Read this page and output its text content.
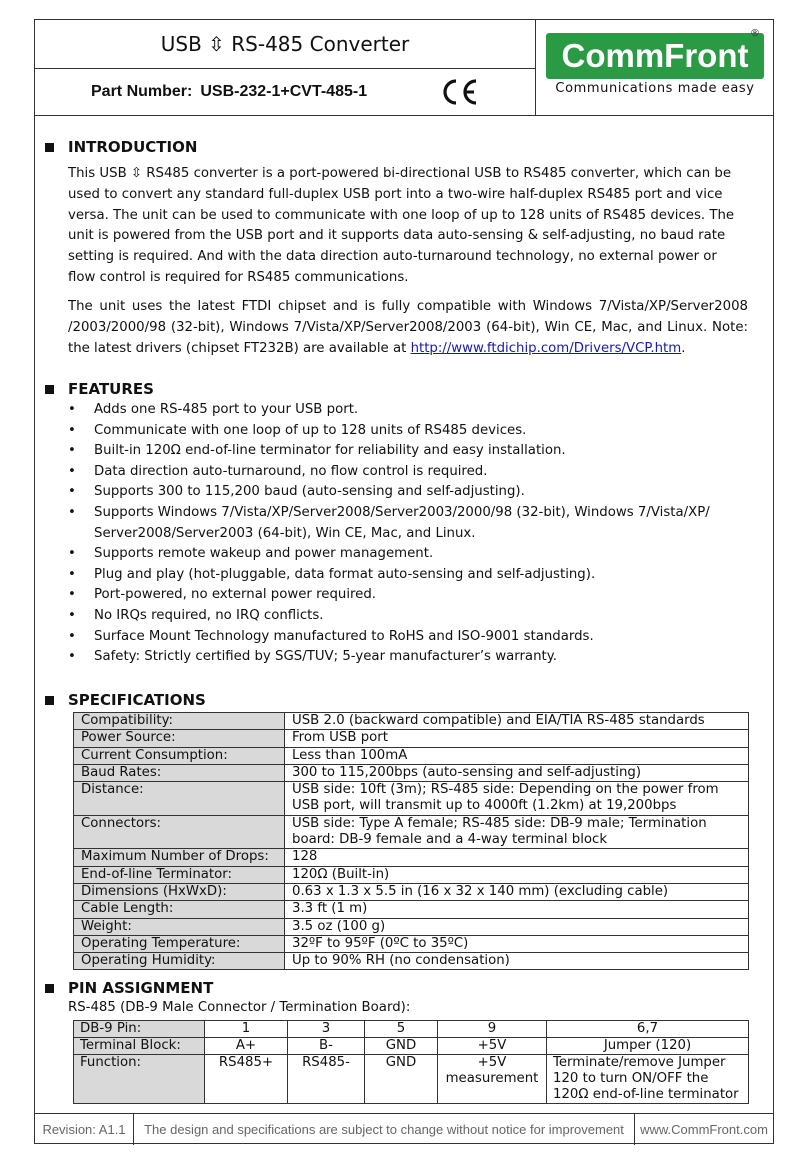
USB ⇳ RS-485 Converter
Part Number: USB-232-1+CVT-485-1
CommFront
®
Communications made easy
INTRODUCTION
This USB ⇳ RS485 converter is a port-powered bi-directional USB to RS485 converter, which can be used to convert any standard full-duplex USB port into a two-wire half-duplex RS485 port and vice versa. The unit can be used to communicate with one loop of up to 128 units of RS485 devices. The unit is powered from the USB port and it supports data auto-sensing & self-adjusting, no baud rate setting is required. And with the data direction auto-turnaround technology, no external power or flow control is required for RS485 communications.
The unit uses the latest FTDI chipset and is fully compatible with Windows 7/Vista/XP/Server2008 /2003/2000/98 (32-bit), Windows 7/Vista/XP/Server2008/2003 (64-bit), Win CE, Mac, and Linux. Note: the latest drivers (chipset FT232B) are available at http://www.ftdichip.com/Drivers/VCP.htm.
FEATURES
• Adds one RS-485 port to your USB port.
• Communicate with one loop of up to 128 units of RS485 devices.
• Built-in 120Ω end-of-line terminator for reliability and easy installation.
• Data direction auto-turnaround, no flow control is required.
• Supports 300 to 115,200 baud (auto-sensing and self-adjusting).
• Supports Windows 7/Vista/XP/Server2008/Server2003/2000/98 (32-bit), Windows 7/Vista/XP/ Server2008/Server2003 (64-bit), Win CE, Mac, and Linux.
• Supports remote wakeup and power management.
• Plug and play (hot-pluggable, data format auto-sensing and self-adjusting).
• Port-powered, no external power required.
• No IRQs required, no IRQ conflicts.
• Surface Mount Technology manufactured to RoHS and ISO-9001 standards.
• Safety: Strictly certified by SGS/TUV; 5-year manufacturer’s warranty.
SPECIFICATIONS
Compatibility:	USB 2.0 (backward compatible) and EIA/TIA RS-485 standards
Power Source:	From USB port
Current Consumption:	Less than 100mA
Baud Rates:	300 to 115,200bps (auto-sensing and self-adjusting)
Distance:	USB side: 10ft (3m); RS-485 side: Depending on the power from USB port, will transmit up to 4000ft (1.2km) at 19,200bps
Connectors:	USB side: Type A female; RS-485 side: DB-9 male; Termination board: DB-9 female and a 4-way terminal block
Maximum Number of Drops:	128
End-of-line Terminator:	120Ω (Built-in)
Dimensions (HxWxD):	0.63 x 1.3 x 5.5 in (16 x 32 x 140 mm) (excluding cable)
Cable Length:	3.3 ft (1 m)
Weight:	3.5 oz (100 g)
Operating Temperature:	32ºF to 95ºF (0ºC to 35ºC)
Operating Humidity:	Up to 90% RH (no condensation)
PIN ASSIGNMENT
RS-485 (DB-9 Male Connector / Termination Board):
DB-9 Pin:	1	3	5	9	6,7
Terminal Block:	A+	B-	GND	+5V	Jumper (120)
Function:	RS485+	RS485-	GND	+5V measurement	Terminate/remove Jumper 120 to turn ON/OFF the 120Ω end-of-line terminator
Revision: A1.1	The design and specifications are subject to change without notice for improvement	www.CommFront.com
